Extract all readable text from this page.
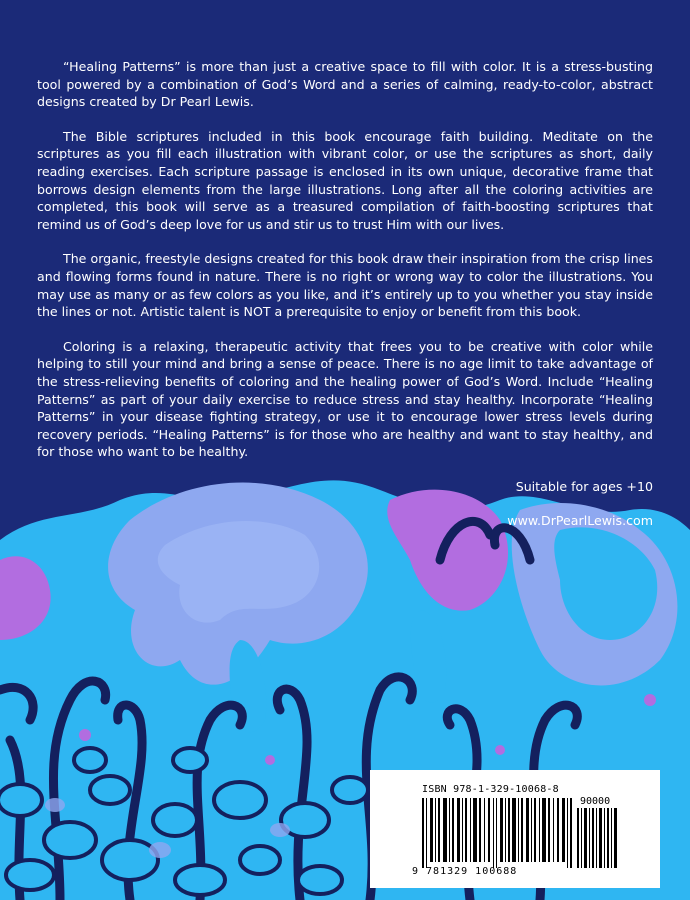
“Healing Patterns” is more than just a creative space to fill with color. It is a stress-busting tool powered by a combination of God’s Word and a series of calming, ready-to-color, abstract designs created by Dr Pearl Lewis.

The Bible scriptures included in this book encourage faith building. Meditate on the scriptures as you fill each illustration with vibrant color, or use the scriptures as short, daily reading exercises. Each scripture passage is enclosed in its own unique, decorative frame that borrows design elements from the large illustrations. Long after all the coloring activities are completed, this book will serve as a treasured compilation of faith-boosting scriptures that remind us of God’s deep love for us and stir us to trust Him with our lives.

The organic, freestyle designs created for this book draw their inspiration from the crisp lines and flowing forms found in nature. There is no right or wrong way to color the illustrations. You may use as many or as few colors as you like, and it’s entirely up to you whether you stay inside the lines or not. Artistic talent is NOT a prerequisite to enjoy or benefit from this book.

Coloring is a relaxing, therapeutic activity that frees you to be creative with color while helping to still your mind and bring a sense of peace. There is no age limit to take advantage of the stress-relieving benefits of coloring and the healing power of God’s Word. Include “Healing Patterns” as part of your daily exercise to reduce stress and stay healthy. Incorporate “Healing Patterns” in your disease fighting strategy, or use it to encourage lower stress levels during recovery periods. “Healing Patterns” is for those who are healthy and want to stay healthy, and for those who want to be healthy.

Suitable for ages +10

www.DrPearlLewis.com

ISBN 978-1-329-10068-8
90000
9 781329 100688
